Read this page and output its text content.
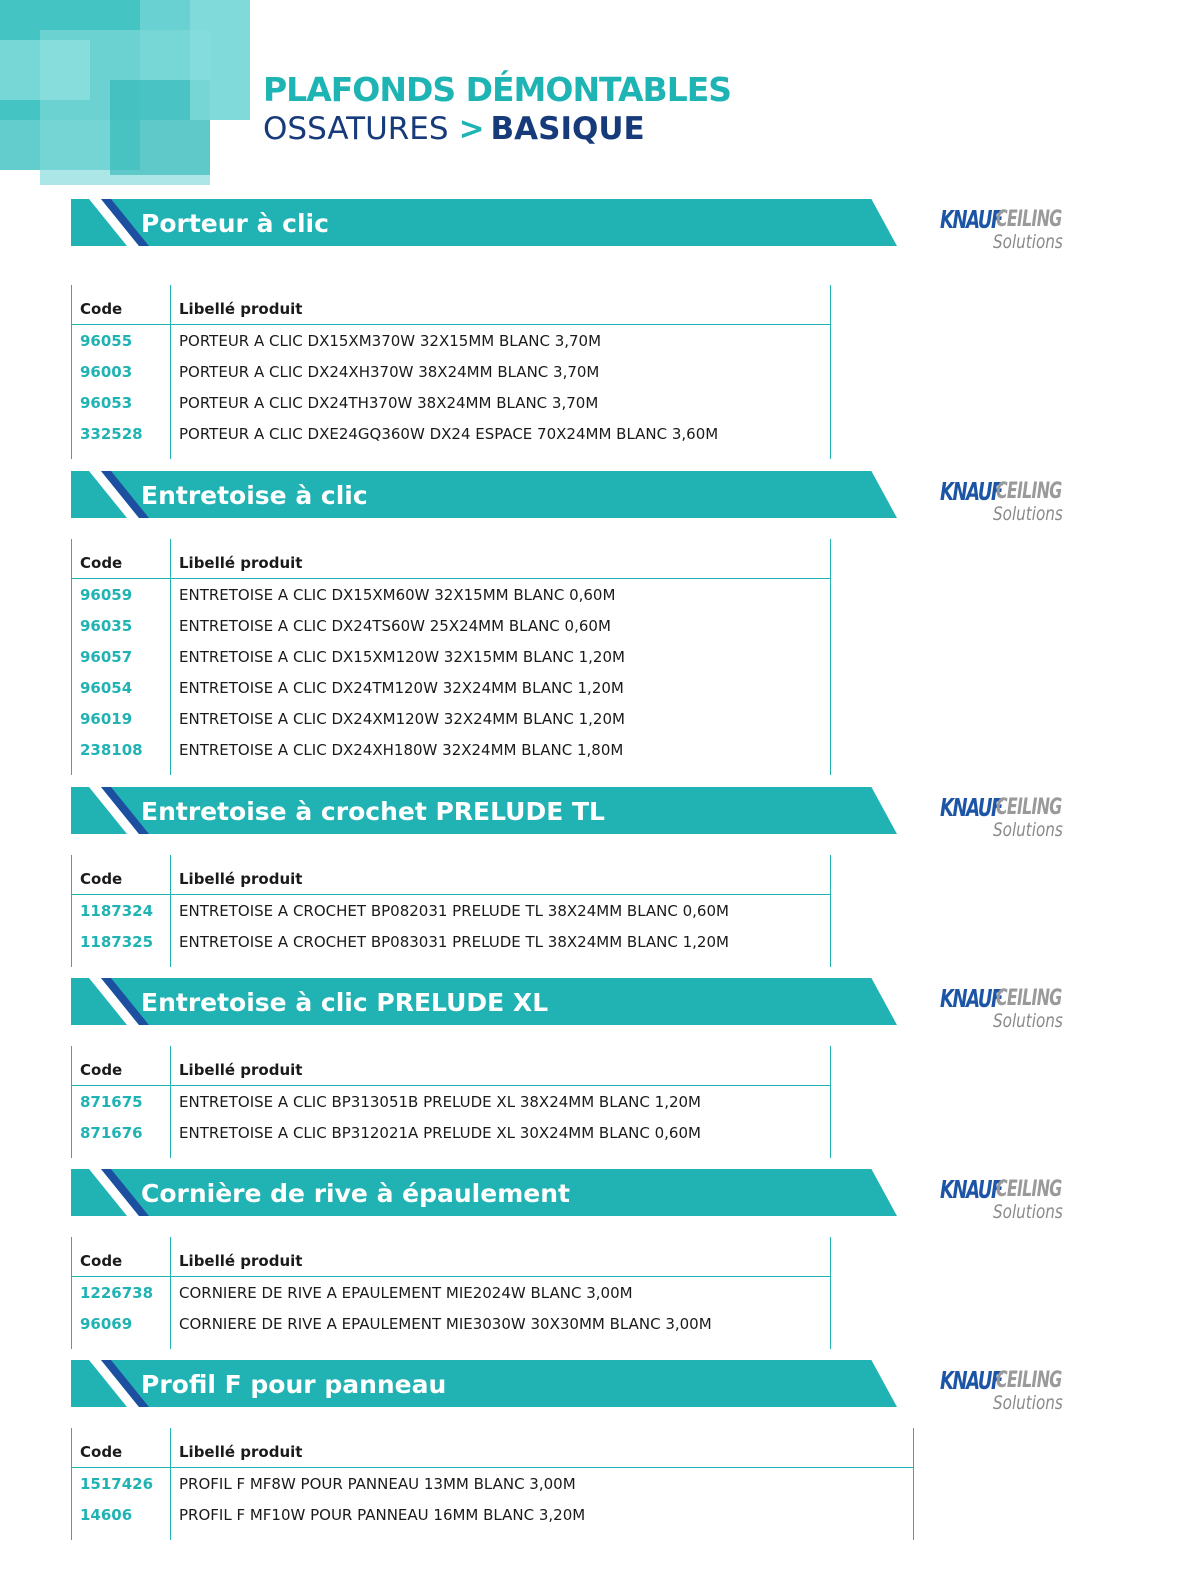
PLAFONDS DÉMONTABLES
OSSATURES > BASIQUE
Porteur à clic	KNAUF
CEILING
Solutions
Code	Libellé produit
96055	PORTEUR A CLIC DX15XM370W 32X15MM BLANC 3,70M
96003	PORTEUR A CLIC DX24XH370W 38X24MM BLANC 3,70M
96053	PORTEUR A CLIC DX24TH370W 38X24MM BLANC 3,70M
332528	PORTEUR A CLIC DXE24GQ360W DX24 ESPACE 70X24MM BLANC 3,60M
Entretoise à clic	KNAUF
CEILING
Solutions
Code	Libellé produit
96059	ENTRETOISE A CLIC DX15XM60W 32X15MM BLANC 0,60M
96035	ENTRETOISE A CLIC DX24TS60W 25X24MM BLANC 0,60M
96057	ENTRETOISE A CLIC DX15XM120W 32X15MM BLANC 1,20M
96054	ENTRETOISE A CLIC DX24TM120W 32X24MM BLANC 1,20M
96019	ENTRETOISE A CLIC DX24XM120W 32X24MM BLANC 1,20M
238108	ENTRETOISE A CLIC DX24XH180W 32X24MM BLANC 1,80M
Entretoise à crochet PRELUDE TL	KNAUF
CEILING
Solutions
Code	Libellé produit
1187324	ENTRETOISE A CROCHET BP082031 PRELUDE TL 38X24MM BLANC 0,60M
1187325	ENTRETOISE A CROCHET BP083031 PRELUDE TL 38X24MM BLANC 1,20M
Entretoise à clic PRELUDE XL	KNAUF
CEILING
Solutions
Code	Libellé produit
871675	ENTRETOISE A CLIC BP313051B PRELUDE XL 38X24MM BLANC 1,20M
871676	ENTRETOISE A CLIC BP312021A PRELUDE XL 30X24MM BLANC 0,60M
Cornière de rive à épaulement	KNAUF
CEILING
Solutions
Code	Libellé produit
1226738	CORNIERE DE RIVE A EPAULEMENT MIE2024W BLANC 3,00M
96069	CORNIERE DE RIVE A EPAULEMENT MIE3030W 30X30MM BLANC 3,00M
Profil F pour panneau	KNAUF
CEILING
Solutions
Code	Libellé produit
1517426	PROFIL F MF8W POUR PANNEAU 13MM BLANC 3,00M
14606	PROFIL F MF10W POUR PANNEAU 16MM BLANC 3,20M
